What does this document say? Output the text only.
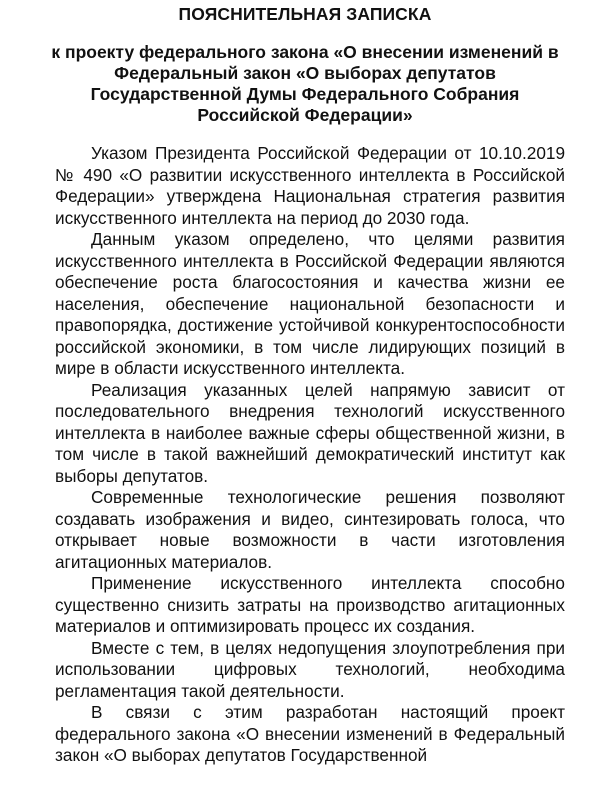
ПОЯСНИТЕЛЬНАЯ ЗАПИСКА
к проекту федерального закона «О внесении изменений в Федеральный закон «О выборах депутатов Государственной Думы Федерального Собрания Российской Федерации»

Указом Президента Российской Федерации от 10.10.2019 № 490 «О развитии искусственного интеллекта в Российской Федерации» утверждена Национальная стратегия развития искусственного интеллекта на период до 2030 года.

Данным указом определено, что целями развития искусственного интеллекта в Российской Федерации являются обеспечение роста благосостояния и качества жизни ее населения, обеспечение национальной безопасности и правопорядка, достижение устойчивой конкурентоспособности российской экономики, в том числе лидирующих позиций в мире в области искусственного интеллекта.

Реализация указанных целей напрямую зависит от последовательного внедрения технологий искусственного интеллекта в наиболее важные сферы общественной жизни, в том числе в такой важнейший демократический институт как выборы депутатов.

Современные технологические решения позволяют создавать изображения и видео, синтезировать голоса, что открывает новые возможности в части изготовления агитационных материалов.

Применение искусственного интеллекта способно существенно снизить затраты на производство агитационных материалов и оптимизировать процесс их создания.

Вместе с тем, в целях недопущения злоупотребления при использовании цифровых технологий, необходима регламентация такой деятельности.

В связи с этим разработан настоящий проект федерального закона «О внесении изменений в Федеральный закон «О выборах депутатов Государственной
